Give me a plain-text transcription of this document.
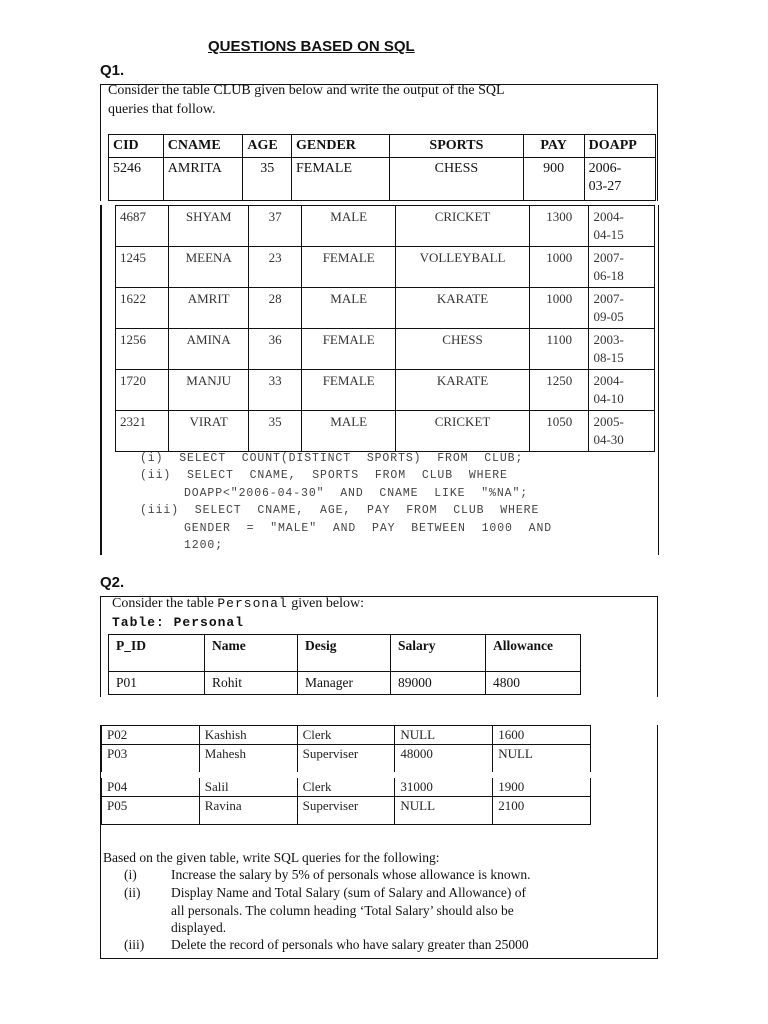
QUESTIONS BASED ON SQL
Q1.
Consider the table CLUB given below and write the output of the SQL
queries that follow.
CID	CNAME	AGE	GENDER	SPORTS	PAY	DOAPP
5246	AMRITA	35	FEMALE	CHESS	900	2006-
03-27
4687	SHYAM	37	MALE	CRICKET	1300	2004-
04-15

1245	MEENA	23	FEMALE	VOLLEYBALL	1000	2007-
06-18

1622	AMRIT	28	MALE	KARATE	1000	2007-
09-05

1256	AMINA	36	FEMALE	CHESS	1100	2003-
08-15

1720	MANJU	33	FEMALE	KARATE	1250	2004-
04-10

2321	VIRAT	35	MALE	CRICKET	1050	2005-
04-30
(i) SELECT COUNT(DISTINCT SPORTS) FROM CLUB;
(ii) SELECT CNAME, SPORTS FROM CLUB WHERE
DOAPP<"2006-04-30" AND CNAME LIKE "%NA";
(iii) SELECT CNAME, AGE, PAY FROM CLUB WHERE
GENDER = "MALE" AND PAY BETWEEN 1000 AND
1200;
Q2.
Consider the table Personal given below:
Table: Personal
P_ID	Name	Desig	Salary	Allowance
P01	Rohit	Manager	89000	4800
P02	Kashish	Clerk	NULL	1600
P03	Mahesh	Superviser	48000	NULL
P04	Salil	Clerk	31000	1900
P05	Ravina	Superviser	NULL	2100
Based on the given table, write SQL queries for the following:
(i)	Increase the salary by 5% of personals whose allowance is known.
(ii) Display Name and Total Salary (sum of Salary and Allowance) of
all personals. The column heading ‘Total Salary’ should also be
displayed.
(iii) Delete the record of personals who have salary greater than 25000
